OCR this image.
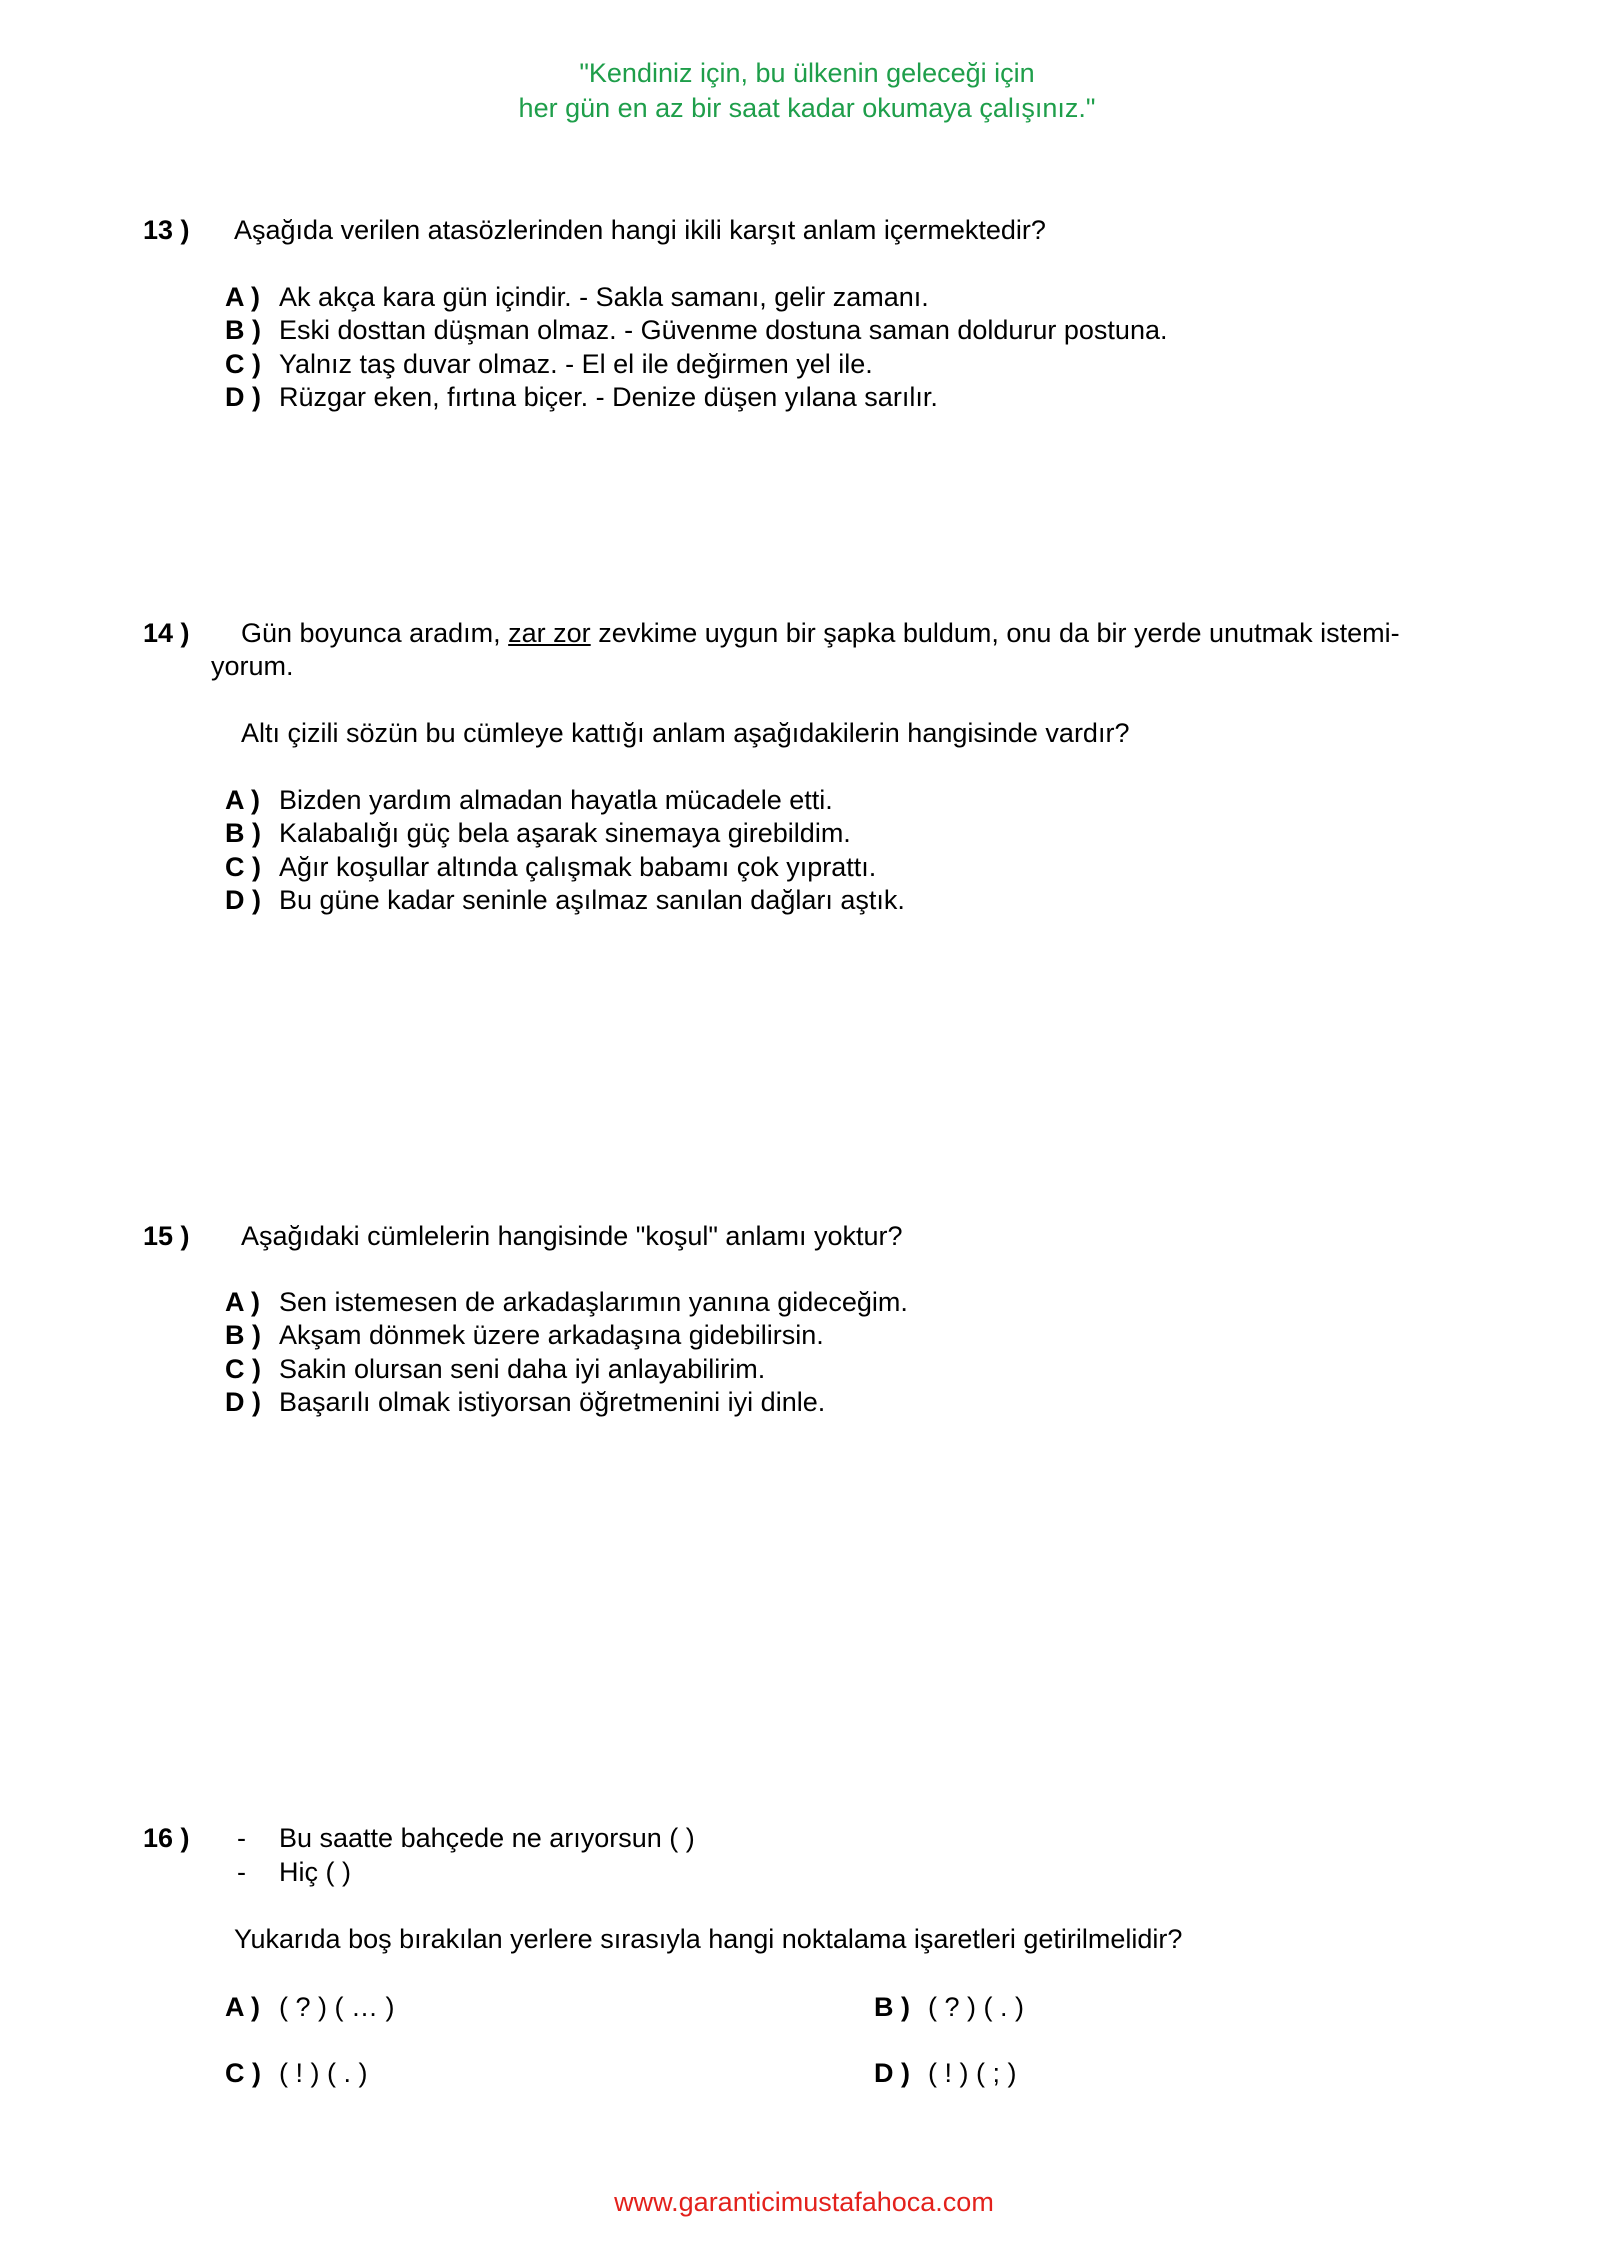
"Kendiniz için, bu ülkenin geleceği için
her gün en az bir saat kadar okumaya çalışınız."
13 ) Aşağıda verilen atasözlerinden hangi ikili karşıt anlam içermektedir?
A ) Ak akça kara gün içindir. - Sakla samanı, gelir zamanı.
B ) Eski dosttan düşman olmaz. - Güvenme dostuna saman doldurur postuna.
C ) Yalnız taş duvar olmaz. - El el ile değirmen yel ile.
D ) Rüzgar eken, fırtına biçer. - Denize düşen yılana sarılır.
14 ) Gün boyunca aradım, zar zor zevkime uygun bir şapka buldum, onu da bir yerde unutmak istemi-
yorum.
Altı çizili sözün bu cümleye kattığı anlam aşağıdakilerin hangisinde vardır?
A ) Bizden yardım almadan hayatla mücadele etti.
B ) Kalabalığı güç bela aşarak sinemaya girebildim.
C ) Ağır koşullar altında çalışmak babamı çok yıprattı.
D ) Bu güne kadar seninle aşılmaz sanılan dağları aştık.
15 ) Aşağıdaki cümlelerin hangisinde "koşul" anlamı yoktur?
A ) Sen istemesen de arkadaşlarımın yanına gideceğim.
B ) Akşam dönmek üzere arkadaşına gidebilirsin.
C ) Sakin olursan seni daha iyi anlayabilirim.
D ) Başarılı olmak istiyorsan öğretmenini iyi dinle.
16 ) - Bu saatte bahçede ne arıyorsun ( )
- Hiç ( )
Yukarıda boş bırakılan yerlere sırasıyla hangi noktalama işaretleri getirilmelidir?
A ) ( ? ) ( … )	B ) ( ? ) ( . )
C ) ( ! ) ( . )	D ) ( ! ) ( ; )
www.garanticimustafahoca.com
